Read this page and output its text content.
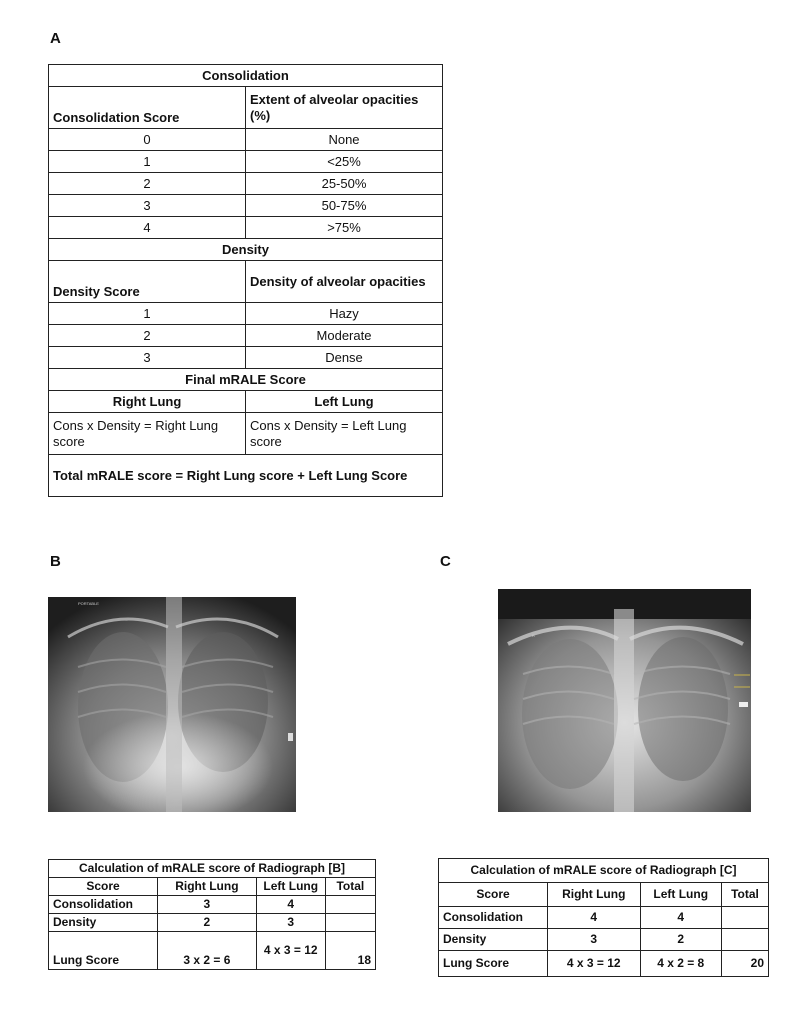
A
Consolidation	
Consolidation Score	Extent of alveolar opacities (%)
0	None
1	<25%
2	25-50%
3	50-75%
4	>75%
Density	
Density Score	Density of alveolar opacities
1	Hazy
2	Moderate
3	Dense
Final mRALE Score	
Right Lung	Left Lung
Cons x Density = Right Lung score	Cons x Density = Left Lung score
Total mRALE score = Right Lung score + Left Lung Score	
B	C
PORTABLE
R
Calculation of mRALE score of Radiograph [B]			
Score	Right Lung	Left Lung	Total
Consolidation	3	4	
Density	2	3	
Lung Score	3 x 2 = 6	4 x 3 = 12	18
Calculation of mRALE score of Radiograph [C]			
Score	Right Lung	Left Lung	Total
Consolidation	4	4	
Density	3	2	
Lung Score	4 x 3 = 12	4 x 2 = 8	20
